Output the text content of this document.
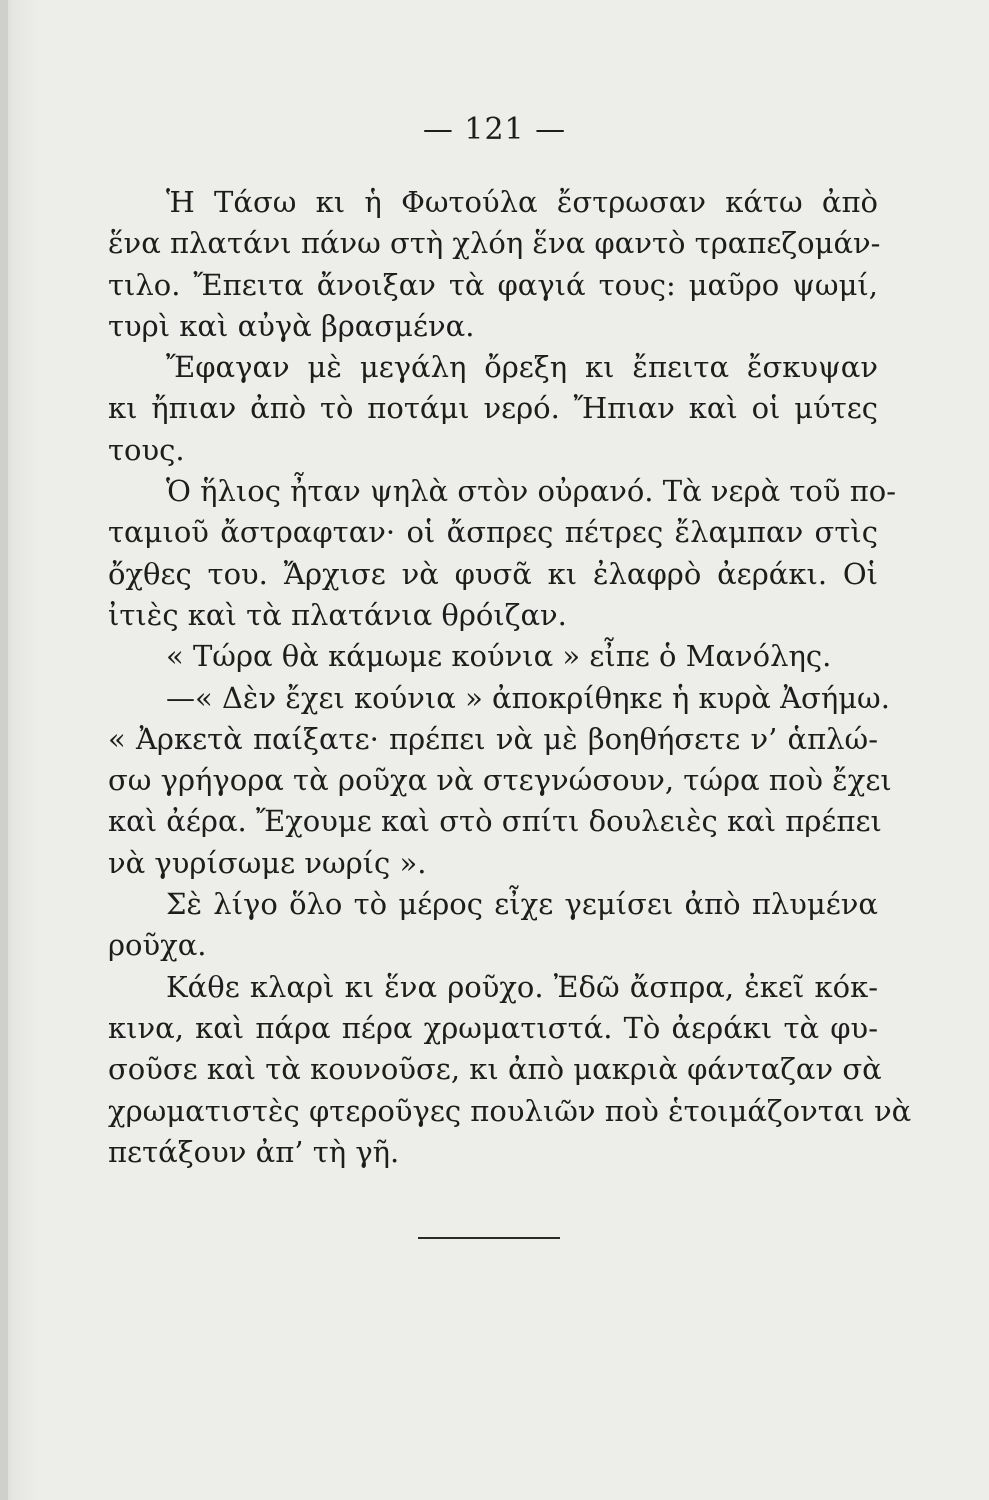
— 121 —
Ἡ Τάσω κι ἡ Φωτούλα ἔστρωσαν κάτω ἀπὸ
ἕνα πλατάνι πάνω στὴ χλόη ἕνα φαντὸ τραπεζομάν-
τιλο. Ἔπειτα ἄνοιξαν τὰ φαγιά τους: μαῦρο ψωμί,
τυρὶ καὶ αὐγὰ βρασμένα.
Ἔφαγαν μὲ μεγάλη ὄρεξη κι ἔπειτα ἔσκυψαν
κι ἤπιαν ἀπὸ τὸ ποτάμι νερό. Ἤπιαν καὶ οἱ μύτες
τους.
Ὁ ἥλιος ἦταν ψηλὰ στὸν οὐρανό. Τὰ νερὰ τοῦ πο-
ταμιοῦ ἄστραφταν· οἱ ἄσπρες πέτρες ἔλαμπαν στὶς
ὄχθες του. Ἄρχισε νὰ φυσᾶ κι ἐλαφρὸ ἀεράκι. Οἱ
ἰτιὲς καὶ τὰ πλατάνια θρόιζαν.
« Τώρα θὰ κάμωμε κούνια » εἶπε ὁ Μανόλης.
—« Δὲν ἔχει κούνια » ἀποκρίθηκε ἡ κυρὰ Ἀσήμω.
« Ἀρκετὰ παίξατε· πρέπει νὰ μὲ βοηθήσετε ν’ ἁπλώ-
σω γρήγορα τὰ ροῦχα νὰ στεγνώσουν, τώρα ποὺ ἔχει
καὶ ἀέρα. Ἔχουμε καὶ στὸ σπίτι δουλειὲς καὶ πρέπει
νὰ γυρίσωμε νωρίς ».
Σὲ λίγο ὅλο τὸ μέρος εἶχε γεμίσει ἀπὸ πλυμένα
ροῦχα.
Κάθε κλαρὶ κι ἕνα ροῦχο. Ἐδῶ ἄσπρα, ἐκεῖ κόκ-
κινα, καὶ πάρα πέρα χρωματιστά. Τὸ ἀεράκι τὰ φυ-
σοῦσε καὶ τὰ κουνοῦσε, κι ἀπὸ μακριὰ φάνταζαν σὰ
χρωματιστὲς φτεροῦγες πουλιῶν ποὺ ἑτοιμάζονται νὰ
πετάξουν ἀπ’ τὴ γῆ.
